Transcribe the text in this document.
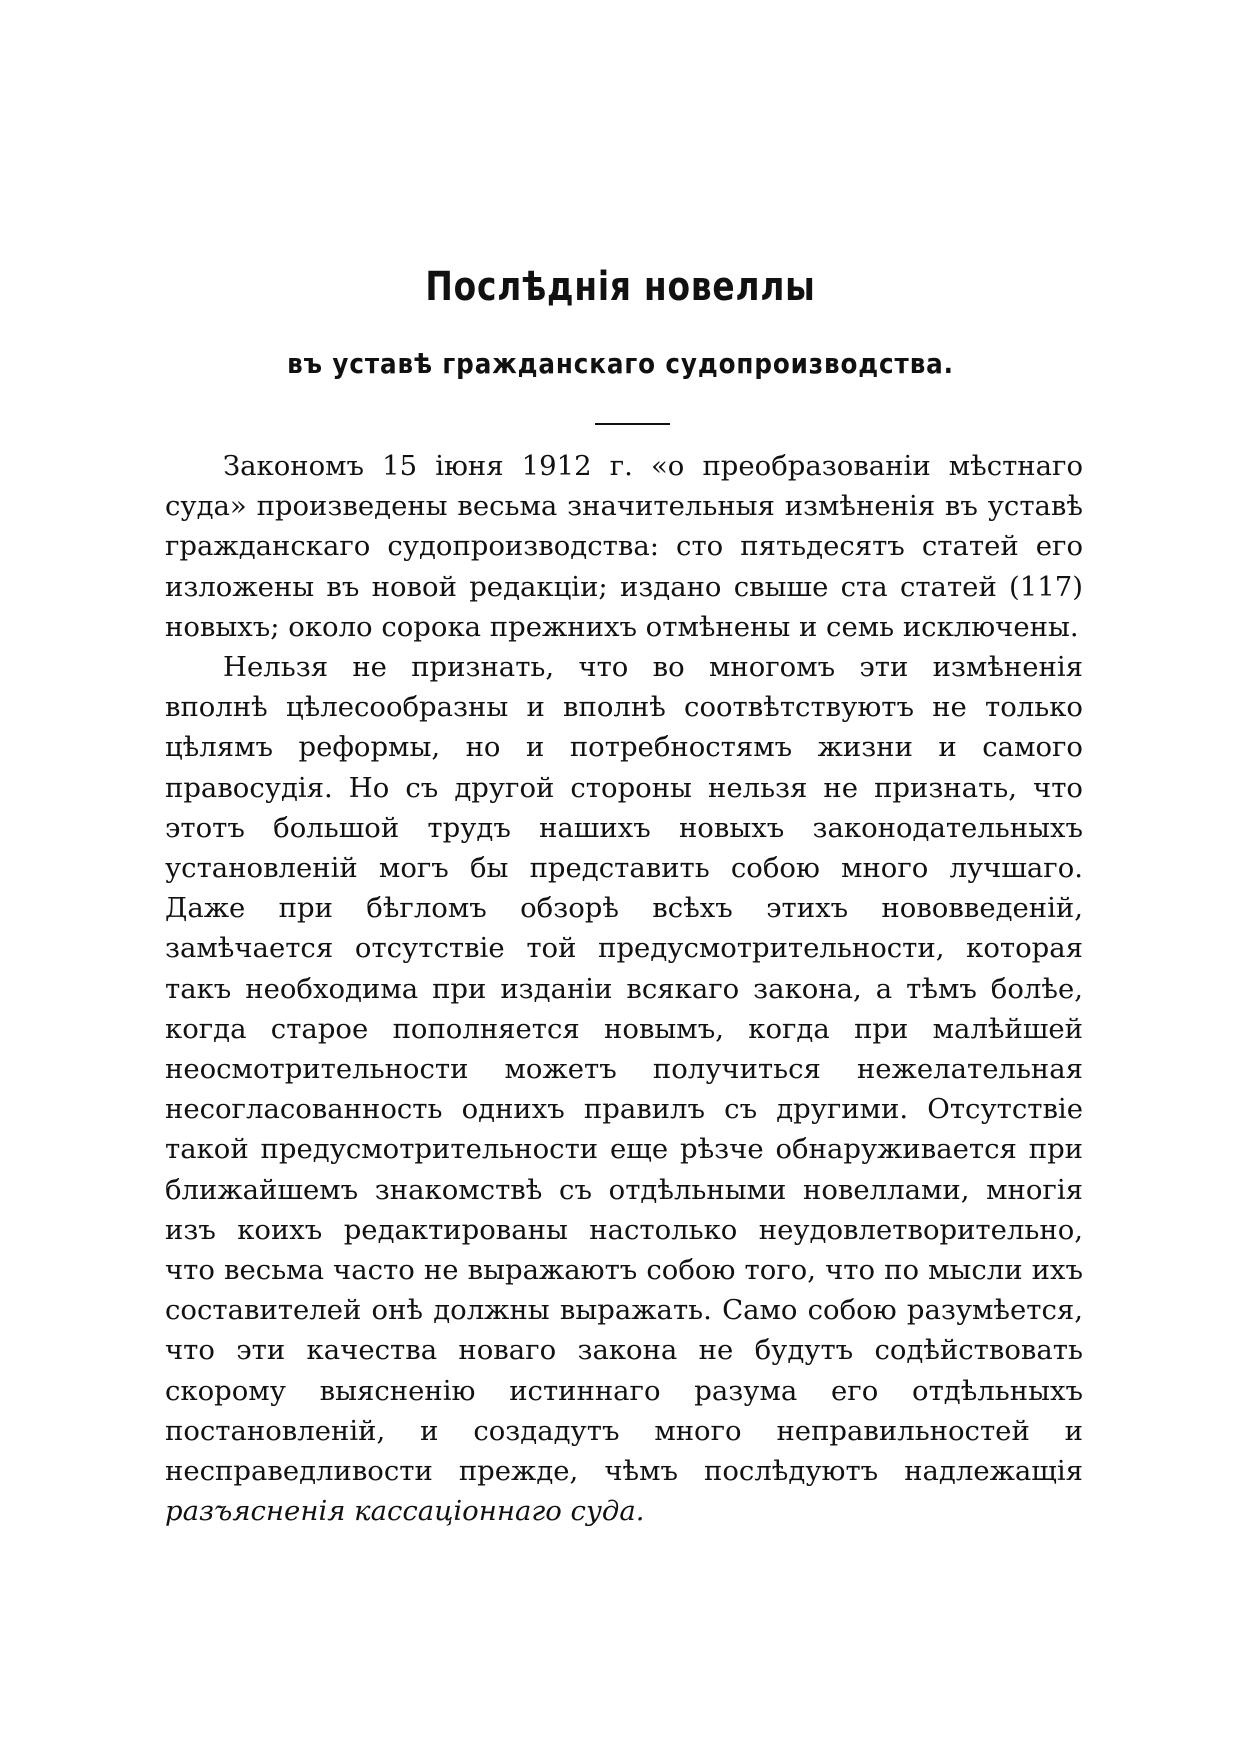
Послѣднія новеллы
въ уставѣ гражданскаго судопроизводства.

Закономъ 15 іюня 1912 г. «о преобразованіи мѣстнаго суда» произведены весьма значительныя измѣненія въ уставѣ гражданскаго судопроизводства: сто пятьдесятъ статей его изложены въ новой редакціи; издано свыше ста статей (117) новыхъ; около сорока прежнихъ отмѣнены и семь исключены.

Нельзя не признать, что во многомъ эти измѣненія вполнѣ цѣлесообразны и вполнѣ соотвѣтствуютъ не только цѣлямъ реформы, но и потребностямъ жизни и самого правосудія. Но съ другой стороны нельзя не признать, что этотъ большой трудъ нашихъ новыхъ законодательныхъ установленій могъ бы представить собою много лучшаго. Даже при бѣгломъ обзорѣ всѣхъ этихъ нововведеній, замѣчается отсутствіе той предусмотрительности, которая такъ необходима при изданіи всякаго закона, а тѣмъ болѣе, когда старое пополняется новымъ, когда при малѣйшей неосмотрительности можетъ получиться нежелательная несогласованность однихъ правилъ съ другими. Отсутствіе такой предусмотрительности еще рѣзче обнаруживается при ближайшемъ знакомствѣ съ отдѣльными новеллами, многія изъ коихъ редактированы настолько неудовлетворительно, что весьма часто не выражаютъ собою того, что по мысли ихъ составителей онѣ должны выражать. Само собою разумѣется, что эти качества новаго закона не будутъ содѣйствовать скорому выясненію истиннаго разума его отдѣльныхъ постановленій, и создадутъ много неправильностей и несправедливости прежде, чѣмъ послѣдуютъ надлежащія разъясненія кассаціоннаго суда.
